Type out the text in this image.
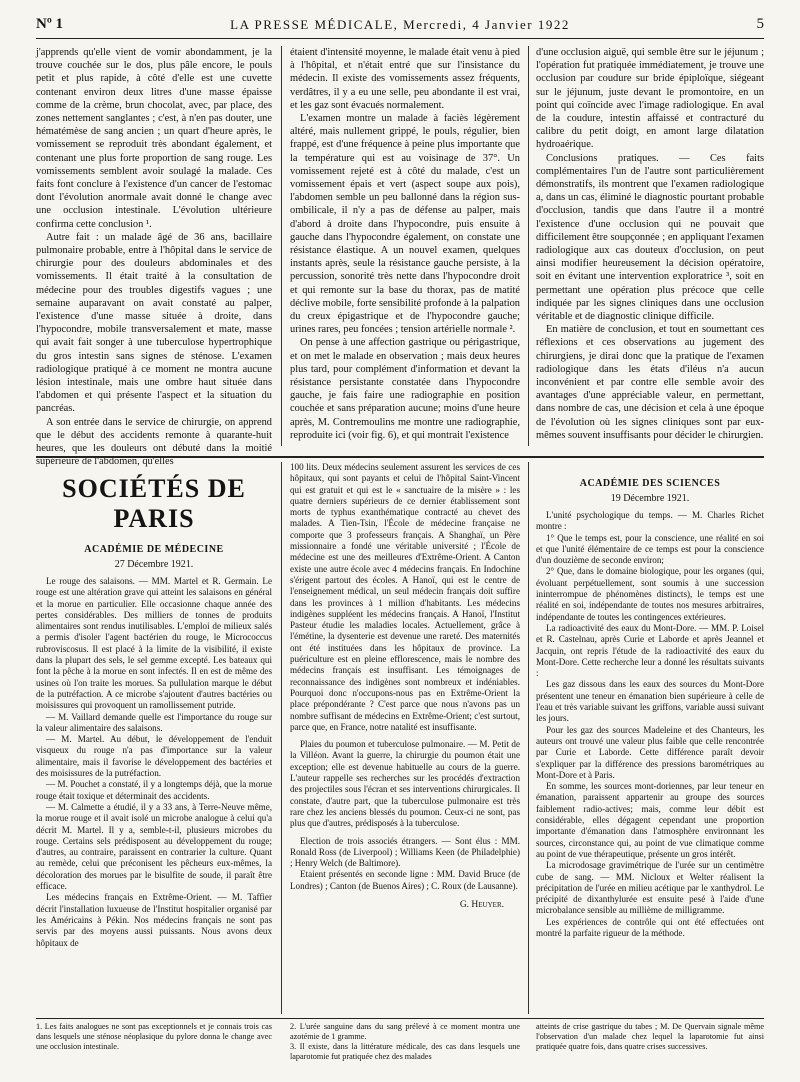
Nº 1	LA PRESSE MÉDICALE, Mercredi, 4 Janvier 1922	5

j'apprends qu'elle vient de vomir abondamment, je la trouve couchée sur le dos, plus pâle encore, le pouls petit et plus rapide, à côté d'elle est une cuvette contenant environ deux litres d'une masse épaisse comme de la crème, brun chocolat, avec, par place, des zones nettement sanglantes ; c'est, à n'en pas douter, une hématémèse de sang ancien ; un quart d'heure après, le vomissement se reproduit très abondant également, et contenant une plus forte proportion de sang rouge. Les vomissements semblent avoir soulagé la malade. Ces faits font conclure à l'existence d'un cancer de l'estomac dont l'évolution anormale avait donné le change avec une occlusion intestinale. L'évolution ultérieure confirma cette conclusion ¹.

Autre fait : un malade âgé de 36 ans, bacillaire pulmonaire probable, entre à l'hôpital dans le service de chirurgie pour des douleurs abdominales et des vomissements. Il était traité à la consultation de médecine pour des troubles digestifs vagues ; une semaine auparavant on avait constaté au palper, l'existence d'une masse située à droite, dans l'hypocondre, mobile transversalement et mate, masse qui avait fait songer à une tuberculose hypertrophique du gros intestin sans signes de sténose. L'examen radiologique pratiqué à ce moment ne montra aucune lésion intestinale, mais une ombre haut située dans l'abdomen et qui présente l'aspect et la situation du pancréas.

A son entrée dans le service de chirurgie, on apprend que le début des accidents remonte à quarante-huit heures, que les douleurs ont débuté dans la moitié supérieure de l'abdomen, qu'elles

étaient d'intensité moyenne, le malade était venu à pied à l'hôpital, et n'était entré que sur l'insistance du médecin. Il existe des vomissements assez fréquents, verdâtres, il y a eu une selle, peu abondante il est vrai, et les gaz sont évacués normalement.

L'examen montre un malade à faciès légèrement altéré, mais nullement grippé, le pouls, régulier, bien frappé, est d'une fréquence à peine plus importante que la température qui est au voisinage de 37°. Un vomissement rejeté est à côté du malade, c'est un vomissement épais et vert (aspect soupe aux pois), l'abdomen semble un peu ballonné dans la région sus-ombilicale, il n'y a pas de défense au palper, mais d'abord à droite dans l'hypocondre, puis ensuite à gauche dans l'hypocondre également, on constate une résistance élastique. A un nouvel examen, quelques instants après, seule la résistance gauche persiste, à la percussion, sonorité très nette dans l'hypocondre droit et qui remonte sur la base du thorax, pas de matité déclive mobile, forte sensibilité profonde à la palpation du creux épigastrique et de l'hypocondre gauche; urines rares, peu foncées ; tension artérielle normale ².

On pense à une affection gastrique ou périgastrique, et on met le malade en observation ; mais deux heures plus tard, pour complément d'information et devant la résistance persistante constatée dans l'hypocondre gauche, je fais faire une radiographie en position couchée et sans préparation aucune; moins d'une heure après, M. Contremoulins me montre une radiographie, reproduite ici (voir fig. 6), et qui montrait l'existence

d'une occlusion aiguë, qui semble être sur le jéjunum ; l'opération fut pratiquée immédiatement, je trouve une occlusion par coudure sur bride épiploïque, siégeant sur le jéjunum, juste devant le promontoire, en un point qui coïncide avec l'image radiologique. En aval de la coudure, intestin affaissé et contracturé du calibre du petit doigt, en amont large dilatation hydroaérique.

Conclusions pratiques. — Ces faits complémentaires l'un de l'autre sont particulièrement démonstratifs, ils montrent que l'examen radiologique a, dans un cas, éliminé le diagnostic pourtant probable d'occlusion, tandis que dans l'autre il a montré l'existence d'une occlusion qui ne pouvait que difficilement être soupçonnée ; en appliquant l'examen radiologique aux cas douteux d'occlusion, on peut ainsi modifier heureusement la décision opératoire, soit en évitant une intervention exploratrice ³, soit en permettant une opération plus précoce que celle indiquée par les signes cliniques dans une occlusion véritable et de diagnostic clinique difficile.

En matière de conclusion, et tout en soumettant ces réflexions et ces observations au jugement des chirurgiens, je dirai donc que la pratique de l'examen radiologique dans les états d'iléus n'a aucun inconvénient et par contre elle semble avoir des avantages d'une appréciable valeur, en permettant, dans nombre de cas, une décision et cela à une époque de l'évolution où les signes cliniques sont par eux-mêmes souvent insuffisants pour décider le chirurgien.

SOCIÉTÉS DE PARIS
ACADÉMIE DE MÉDECINE
27 Décembre 1921.

Le rouge des salaisons. — MM. Martel et R. Germain. Le rouge est une altération grave qui atteint les salaisons en général et la morue en particulier. Elle occasionne chaque année des pertes considérables. Des milliers de tonnes de produits alimentaires sont rendus inutilisables. L'emploi de milieux salés a permis d'isoler l'agent bactérien du rouge, le Micrococcus rubroviscosus. Il est placé à la limite de la visibilité, il existe dans la plupart des sels, le sel gemme excepté. Les bateaux qui font la pêche à la morue en sont infectés. Il en est de même des usines où l'on traite les morues. Sa pullulation marque le début de la putréfaction. A ce microbe s'ajoutent d'autres bactéries ou moisissures qui provoquent un ramollissement putride.

— M. Vaillard demande quelle est l'importance du rouge sur la valeur alimentaire des salaisons.

— M. Martel. Au début, le développement de l'enduit visqueux du rouge n'a pas d'importance sur la valeur alimentaire, mais il favorise le développement des bactéries et des moisissures de la putréfaction.

— M. Pouchet a constaté, il y a longtemps déjà, que la morue rouge était toxique et déterminait des accidents.

— M. Calmette a étudié, il y a 33 ans, à Terre-Neuve même, la morue rouge et il avait isolé un microbe analogue à celui qu'a décrit M. Martel. Il y a, semble-t-il, plusieurs microbes du rouge. Certains sels prédisposent au développement du rouge; d'autres, au contraire, paraissent en contrarier la culture. Quant au remède, celui que préconisent les pêcheurs eux-mêmes, la décoloration des morues par le bisulfite de soude, il paraît être efficace.

Les médecins français en Extrême-Orient. — M. Taffier décrit l'installation luxueuse de l'Institut hospitalier organisé par les Américains à Pékin. Nos médecins français ne sont pas servis par des moyens aussi puissants. Nous avons deux hôpitaux de

100 lits. Deux médecins seulement assurent les services de ces hôpitaux, qui sont payants et celui de l'hôpital Saint-Vincent qui est gratuit et qui est le « sanctuaire de la misère » : les quatre derniers supérieurs de ce dernier établissement sont morts de typhus exanthématique contracté au chevet des malades. A Tien-Tsin, l'École de médecine française ne comporte que 3 professeurs français. A Shanghaï, un Père missionnaire a fondé une véritable université ; l'École de médecine est une des meilleures d'Extrême-Orient. A Canton existe une autre école avec 4 médecins français. En Indochine s'érigent partout des écoles. A Hanoï, qui est le centre de l'enseignement médical, un seul médecin français doit suffire dans les provinces à 1 million d'habitants. Les médecins indigènes suppléent les médecins français. A Hanoï, l'Institut Pasteur étudie les maladies locales. Actuellement, grâce à l'émétine, la dysenterie est devenue une rareté. Des maternités ont été instituées dans les hôpitaux de province. La puériculture est en pleine efflorescence, mais le nombre des médecins français est insuffisant. Les témoignages de reconnaissance des indigènes sont nombreux et indéniables. Pourquoi donc n'occupons-nous pas en Extrême-Orient la place prépondérante ? C'est parce que nous n'avons pas un nombre suffisant de médecins en Extrême-Orient; c'est surtout, parce que, en France, notre natalité est insuffisante.

Plaies du poumon et tuberculose pulmonaire. — M. Petit de la Villéon. Avant la guerre, la chirurgie du poumon était une exception; elle est devenue habituelle au cours de la guerre. L'auteur rappelle ses recherches sur les procédés d'extraction des projectiles sous l'écran et ses interventions chirurgicales. Il constate, d'autre part, que la tuberculose pulmonaire est très rare chez les anciens blessés du poumon. Ceux-ci ne sont, pas plus que d'autres, prédisposés à la tuberculose.

Election de trois associés étrangers. — Sont élus : MM. Ronald Ross (de Liverpool) ; Williams Keen (de Philadelphie) ; Henry Welch (de Baltimore).

Etaient présentés en seconde ligne : MM. David Bruce (de Londres) ; Canton (de Buenos Aires) ; C. Roux (de Lausanne).

G. Heuyer.
ACADÉMIE DES SCIENCES
19 Décembre 1921.

L'unité psychologique du temps. — M. Charles Richet montre :

1° Que le temps est, pour la conscience, une réalité en soi et que l'unité élémentaire de ce temps est pour la conscience d'un douzième de seconde environ;

2° Que, dans le domaine biologique, pour les organes (qui, évoluant perpétuellement, sont soumis à une succession ininterrompue de phénomènes distincts), le temps est une réalité en soi, indépendante de toutes nos mesures arbitraires, indépendante de toutes les contingences extérieures.

La radioactivité des eaux du Mont-Dore. — MM. P. Loisel et R. Castelnau, après Curie et Laborde et après Jeannel et Jacquin, ont repris l'étude de la radioactivité des eaux du Mont-Dore. Cette recherche leur a donné les résultats suivants :

Les gaz dissous dans les eaux des sources du Mont-Dore présentent une teneur en émanation bien supérieure à celle de l'eau et très variable suivant les griffons, variable aussi suivant les jours.

Pour les gaz des sources Madeleine et des Chanteurs, les auteurs ont trouvé une valeur plus faible que celle rencontrée par Curie et Laborde. Cette différence paraît devoir s'expliquer par la différence des pressions barométriques au Mont-Dore et à Paris.

En somme, les sources mont-doriennes, par leur teneur en émanation, paraissent appartenir au groupe des sources faiblement radio-actives; mais, comme leur débit est considérable, elles dégagent cependant une proportion importante d'émanation dans l'atmosphère environnant les sources, circonstance qui, au point de vue climatique comme au point de vue thérapeutique, présente un gros intérêt.

La microdosage gravimétrique de l'urée sur un centimètre cube de sang. — MM. Nicloux et Welter réalisent la précipitation de l'urée en milieu acétique par le xanthydrol. Le précipité de dixanthylurée est ensuite pesé à l'aide d'une microbalance sensible au millième de milligramme.

Les expériences de contrôle qui ont été effectuées ont montré la parfaite rigueur de la méthode.

1. Les faits analogues ne sont pas exceptionnels et je connais trois cas dans lesquels une sténose néoplasique du pylore donna le change avec une occlusion intestinale.

2. L'urée sanguine dans du sang prélevé à ce moment montra une azotémie de 1 gramme.

3. Il existe, dans la littérature médicale, des cas dans lesquels une laparotomie fut pratiquée chez des malades

atteints de crise gastrique du tabes ; M. De Quervain signale même l'observation d'un malade chez lequel la laparotomie fut ainsi pratiquée quatre fois, dans quatre crises successives.
